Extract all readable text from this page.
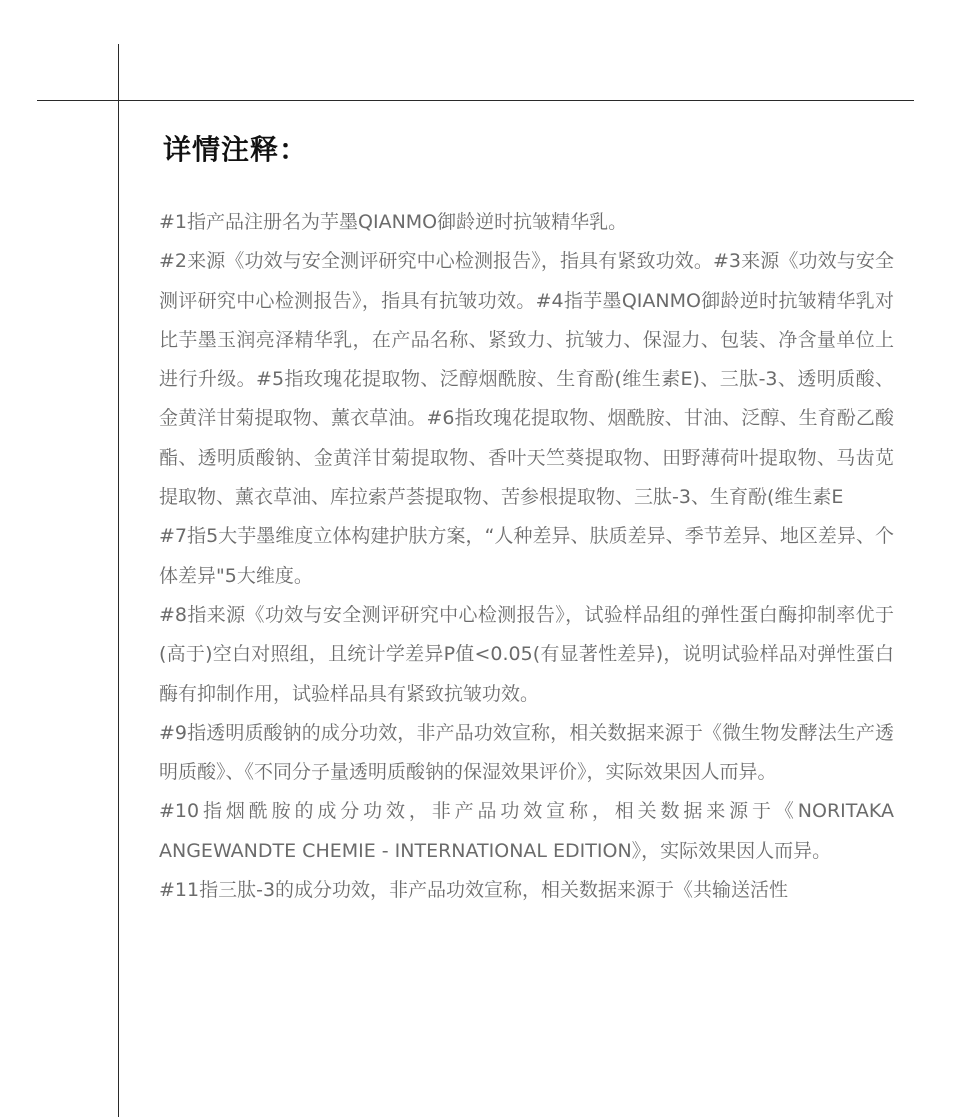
详情注释：

#1指产品注册名为芋墨QIANMO御龄逆时抗皱精华乳。

#2来源《功效与安全测评研究中心检测报告》，指具有紧致功效。#3来源《功效与安全测评研究中心检测报告》，指具有抗皱功效。#4指芋墨QIANMO御龄逆时抗皱精华乳对比芋墨玉润亮泽精华乳，在产品名称、紧致力、抗皱力、保湿力、包装、净含量单位上进行升级。#5指玫瑰花提取物、泛醇烟酰胺、生育酚(维生素E)、三肽-3、透明质酸、金黄洋甘菊提取物、薰衣草油。#6指玫瑰花提取物、烟酰胺、甘油、泛醇、生育酚乙酸酯、透明质酸钠、金黄洋甘菊提取物、香叶天竺葵提取物、田野薄荷叶提取物、马齿苋提取物、薰衣草油、库拉索芦荟提取物、苦参根提取物、三肽-3、生育酚(维生素E

#7指5大芋墨维度立体构建护肤方案，“人种差异、肤质差异、季节差异、地区差异、个体差异"5大维度。

#8指来源《功效与安全测评研究中心检测报告》，试验样品组的弹性蛋白酶抑制率优于(高于)空白对照组，且统计学差异P值<0.05(有显著性差异)，说明试验样品对弹性蛋白酶有抑制作用，试验样品具有紧致抗皱功效。

#9指透明质酸钠的成分功效，非产品功效宣称，相关数据来源于《微生物发酵法生产透明质酸》、《不同分子量透明质酸钠的保湿效果评价》，实际效果因人而异。

#10指烟酰胺的成分功效，非产品功效宣称，相关数据来源于《NORITAKA ANGEWANDTE CHEMIE - INTERNATIONAL EDITION》，实际效果因人而异。

#11指三肽-3的成分功效，非产品功效宣称，相关数据来源于《共输送活性
